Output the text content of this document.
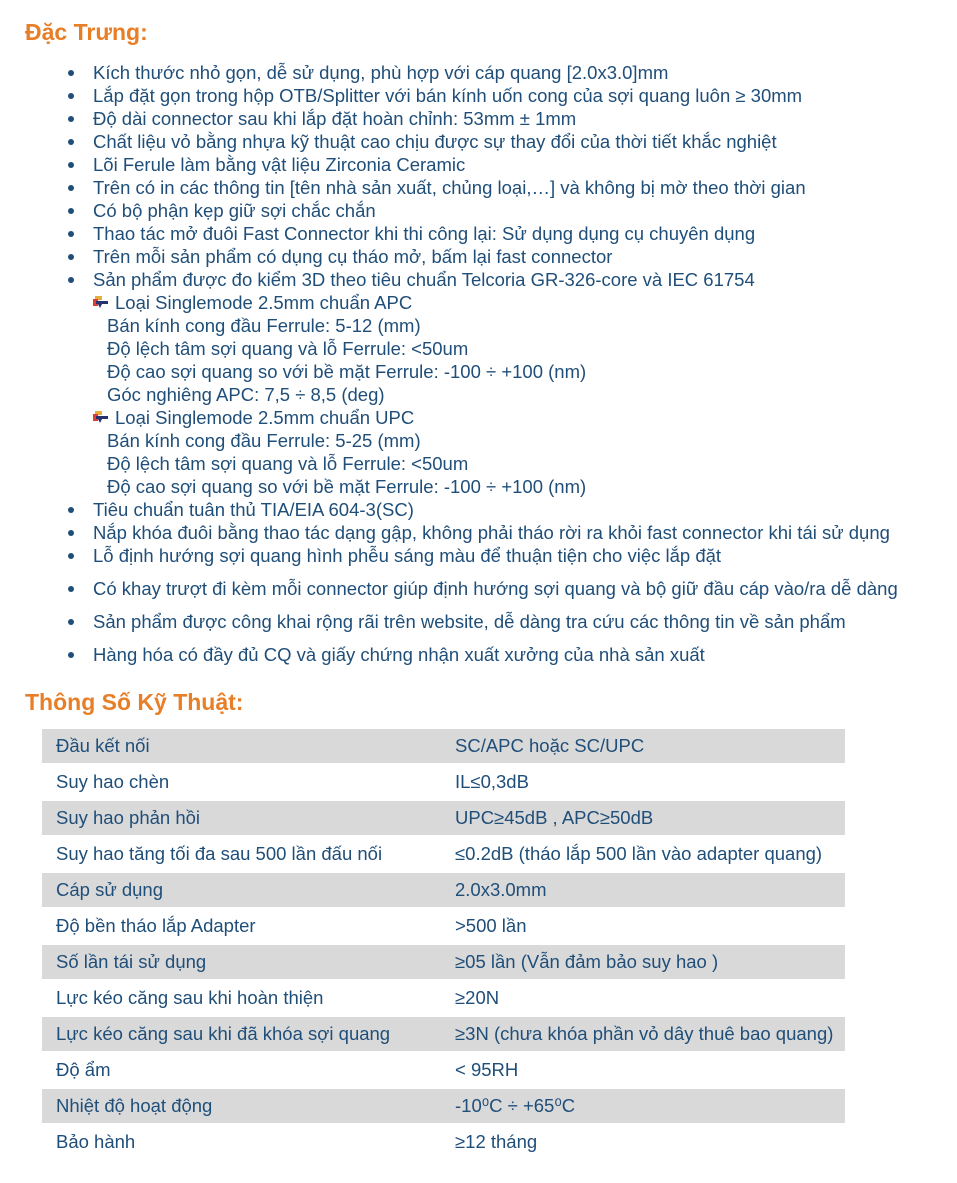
Đặc Trưng:
Kích thước nhỏ gọn, dễ sử dụng, phù hợp với cáp quang [2.0x3.0]mm
Lắp đặt gọn trong hộp OTB/Splitter với bán kính uốn cong của sợi quang luôn ≥ 30mm
Độ dài connector sau khi lắp đặt hoàn chỉnh: 53mm ± 1mm
Chất liệu vỏ bằng nhựa kỹ thuật cao chịu được sự thay đổi của thời tiết khắc nghiệt
Lõi Ferule làm bằng vật liệu Zirconia Ceramic
Trên có in các thông tin [tên nhà sản xuất, chủng loại,…] và không bị mờ theo thời gian
Có bộ phận kẹp giữ sợi chắc chắn
Thao tác mở đuôi Fast Connector khi thi công lại: Sử dụng dụng cụ chuyên dụng
Trên mỗi sản phẩm có dụng cụ tháo mở, bấm lại fast connector
Sản phẩm được đo kiểm 3D theo tiêu chuẩn Telcoria GR-326-core và IEC 61754
Loại Singlemode 2.5mm chuẩn APC
Bán kính cong đầu Ferrule: 5-12 (mm)
Độ lệch tâm sợi quang và lỗ Ferrule: <50um
Độ cao sợi quang so với bề mặt Ferrule: -100 ÷ +100 (nm)
Góc nghiêng APC: 7,5 ÷ 8,5 (deg)
Loại Singlemode 2.5mm chuẩn UPC
Bán kính cong đầu Ferrule: 5-25 (mm)
Độ lệch tâm sợi quang và lỗ Ferrule: <50um
Độ cao sợi quang so với bề mặt Ferrule: -100 ÷ +100 (nm)
Tiêu chuẩn tuân thủ TIA/EIA 604-3(SC)
Nắp khóa đuôi bằng thao tác dạng gập, không phải tháo rời ra khỏi fast connector khi tái sử dụng
Lỗ định hướng sợi quang hình phễu sáng màu để thuận tiện cho việc lắp đặt
Có khay trượt đi kèm mỗi connector giúp định hướng sợi quang và bộ giữ đầu cáp vào/ra dễ dàng
Sản phẩm được công khai rộng rãi trên website, dễ dàng tra cứu các thông tin về sản phẩm
Hàng hóa có đầy đủ CQ và giấy chứng nhận xuất xưởng của nhà sản xuất
Thông Số Kỹ Thuật:
Đầu kết nối	SC/APC hoặc SC/UPC
Suy hao chèn	IL≤0,3dB
Suy hao phản hồi	UPC≥45dB , APC≥50dB
Suy hao tăng tối đa sau 500 lần đấu nối	≤0.2dB (tháo lắp 500 lần vào adapter quang)
Cáp sử dụng	2.0x3.0mm
Độ bền tháo lắp Adapter	>500 lần
Số lần tái sử dụng	≥05 lần (Vẫn đảm bảo suy hao )
Lực kéo căng sau khi hoàn thiện	≥20N
Lực kéo căng sau khi đã khóa sợi quang	≥3N (chưa khóa phần vỏ dây thuê bao quang)
Độ ẩm	< 95RH
Nhiệt độ hoạt động	-10⁰C ÷ +65⁰C
Bảo hành	≥12 tháng
